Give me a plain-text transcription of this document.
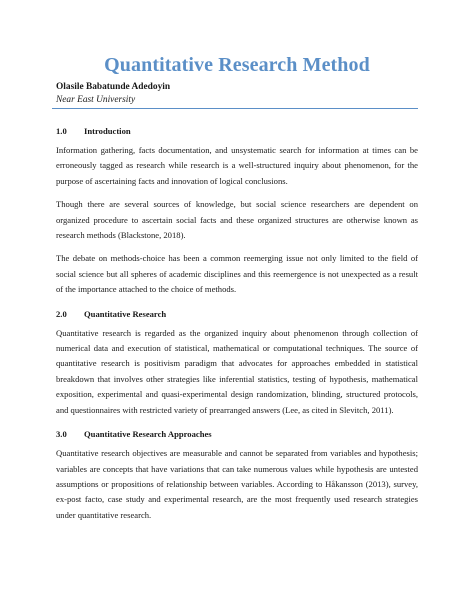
Quantitative Research Method
Olasile Babatunde Adedoyin
Near East University
1.0	Introduction

Information gathering, facts documentation, and unsystematic search for information at times can be erroneously tagged as research while research is a well-structured inquiry about phenomenon, for the purpose of ascertaining facts and innovation of logical conclusions.

Though there are several sources of knowledge, but social science researchers are dependent on organized procedure to ascertain social facts and these organized structures are otherwise known as research methods (Blackstone, 2018).

The debate on methods-choice has been a common reemerging issue not only limited to the field of social science but all spheres of academic disciplines and this reemergence is not unexpected as a result of the importance attached to the choice of methods.

2.0	Quantitative Research

Quantitative research is regarded as the organized inquiry about phenomenon through collection of numerical data and execution of statistical, mathematical or computational techniques. The source of quantitative research is positivism paradigm that advocates for approaches embedded in statistical breakdown that involves other strategies like inferential statistics, testing of hypothesis, mathematical exposition, experimental and quasi-experimental design randomization, blinding, structured protocols, and questionnaires with restricted variety of prearranged answers (Lee, as cited in Slevitch, 2011).

3.0	Quantitative Research Approaches

Quantitative research objectives are measurable and cannot be separated from variables and hypothesis; variables are concepts that have variations that can take numerous values while hypothesis are untested assumptions or propositions of relationship between variables. According to Håkansson (2013), survey, ex-post facto, case study and experimental research, are the most frequently used research strategies under quantitative research.
